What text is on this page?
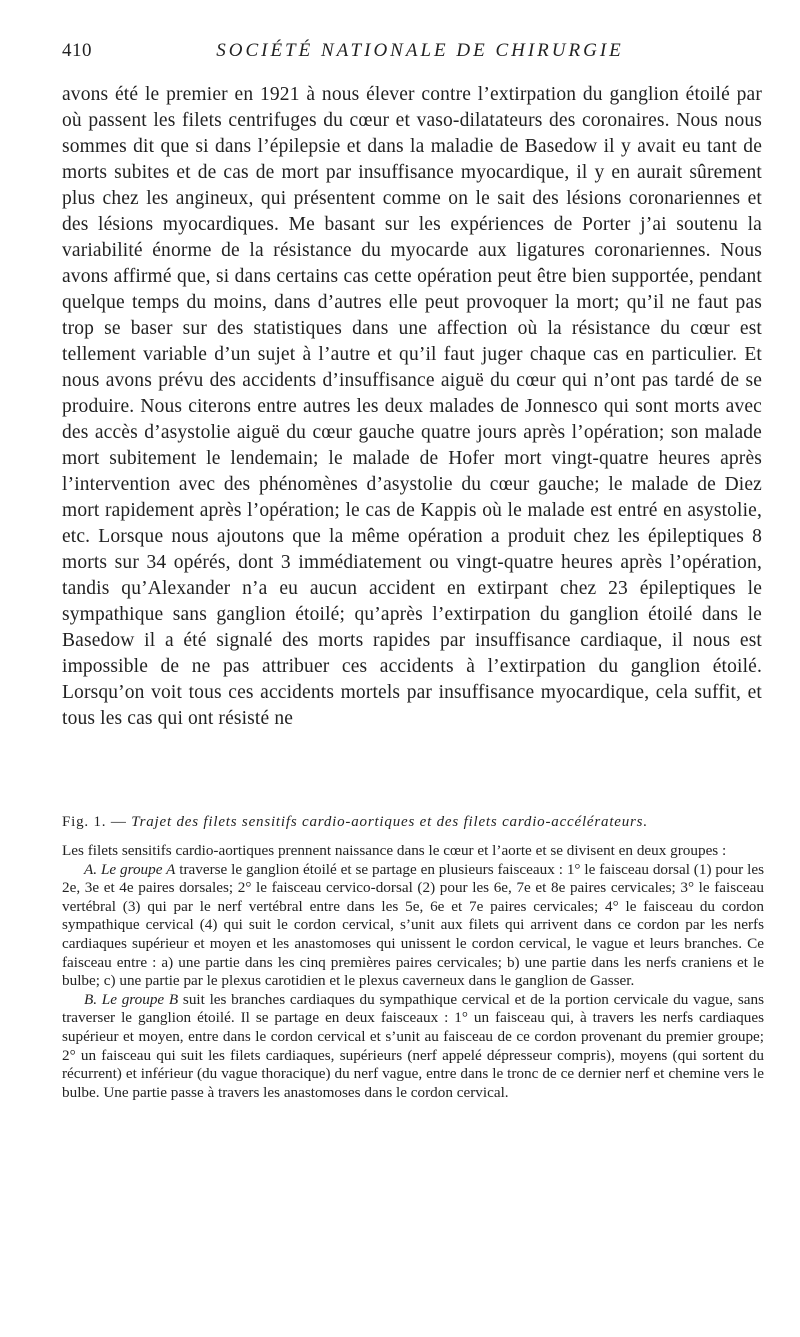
410	SOCIÉTÉ NATIONALE DE CHIRURGIE

avons été le premier en 1921 à nous élever contre l’extirpation du ganglion étoilé par où passent les filets centrifuges du cœur et vaso-dilatateurs des coronaires. Nous nous sommes dit que si dans l’épilepsie et dans la maladie de Basedow il y avait eu tant de morts subites et de cas de mort par insuffisance myocardique, il y en aurait sûrement plus chez les angineux, qui présentent comme on le sait des lésions coronariennes et des lésions myocardiques. Me basant sur les expériences de Porter j’ai soutenu la variabilité énorme de la résistance du myocarde aux ligatures coronariennes. Nous avons affirmé que, si dans certains cas cette opération peut être bien supportée, pendant quelque temps du moins, dans d’autres elle peut provoquer la mort; qu’il ne faut pas trop se baser sur des statistiques dans une affection où la résistance du cœur est tellement variable d’un sujet à l’autre et qu’il faut juger chaque cas en particulier. Et nous avons prévu des accidents d’insuffisance aiguë du cœur qui n’ont pas tardé de se produire. Nous citerons entre autres les deux malades de Jonnesco qui sont morts avec des accès d’asystolie aiguë du cœur gauche quatre jours après l’opération; son malade mort subitement le lendemain; le malade de Hofer mort vingt-quatre heures après l’intervention avec des phénomènes d’asystolie du cœur gauche; le malade de Diez mort rapidement après l’opération; le cas de Kappis où le malade est entré en asystolie, etc. Lorsque nous ajoutons que la même opération a produit chez les épileptiques 8 morts sur 34 opérés, dont 3 immédiatement ou vingt-quatre heures après l’opération, tandis qu’Alexander n’a eu aucun accident en extirpant chez 23 épileptiques le sympathique sans ganglion étoilé; qu’après l’extirpation du ganglion étoilé dans le Basedow il a été signalé des morts rapides par insuffisance cardiaque, il nous est impossible de ne pas attribuer ces accidents à l’extirpation du ganglion étoilé. Lorsqu’on voit tous ces accidents mortels par insuffisance myocardique, cela suffit, et tous les cas qui ont résisté ne

Fig. 1. — Trajet des filets sensitifs cardio-aortiques et des filets cardio-accélérateurs.

Les filets sensitifs cardio-aortiques prennent naissance dans le cœur et l’aorte et se divisent en deux groupes :

A. Le groupe A traverse le ganglion étoilé et se partage en plusieurs faisceaux : 1° le faisceau dorsal (1) pour les 2e, 3e et 4e paires dorsales; 2° le faisceau cervico-dorsal (2) pour les 6e, 7e et 8e paires cervicales; 3° le faisceau vertébral (3) qui par le nerf vertébral entre dans les 5e, 6e et 7e paires cervicales; 4° le faisceau du cordon sympathique cervical (4) qui suit le cordon cervical, s’unit aux filets qui arrivent dans ce cordon par les nerfs cardiaques supérieur et moyen et les anastomoses qui unissent le cordon cervical, le vague et leurs branches. Ce faisceau entre : a) une partie dans les cinq premières paires cervicales; b) une partie dans les nerfs craniens et le bulbe; c) une partie par le plexus carotidien et le plexus caverneux dans le ganglion de Gasser.

B. Le groupe B suit les branches cardiaques du sympathique cervical et de la portion cervicale du vague, sans traverser le ganglion étoilé. Il se partage en deux faisceaux : 1° un faisceau qui, à travers les nerfs cardiaques supérieur et moyen, entre dans le cordon cervical et s’unit au faisceau de ce cordon provenant du premier groupe; 2° un faisceau qui suit les filets cardiaques, supérieurs (nerf appelé dépresseur compris), moyens (qui sortent du récurrent) et inférieur (du vague thoracique) du nerf vague, entre dans le tronc de ce dernier nerf et chemine vers le bulbe. Une partie passe à travers les anastomoses dans le cordon cervical.
